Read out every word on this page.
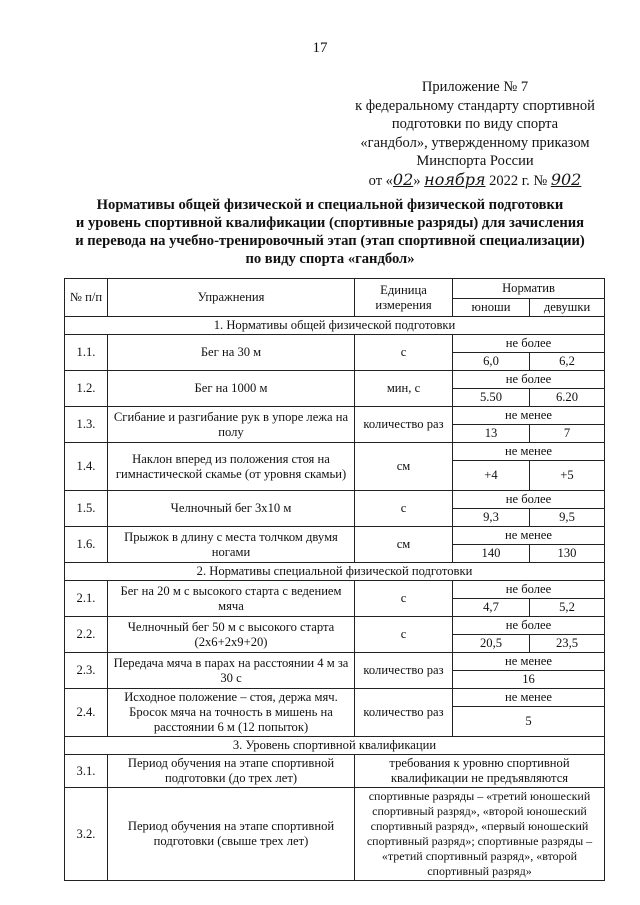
17
Приложение № 7
к федеральному стандарту спортивной
подготовки по виду спорта
«гандбол», утвержденному приказом
Минспорта России
от «02» ноября 2022 г. № 902
Нормативы общей физической и специальной физической подготовки
и уровень спортивной квалификации (спортивные разряды) для зачисления
и перевода на учебно-тренировочный этап (этап спортивной специализации)
по виду спорта «гандбол»
№ п/п	Упражнения	Единица измерения	Норматив	
			юноши	девушки
1. Нормативы общей физической подготовки				
1.1.	Бег на 30 м	с	не более	
			6,0	6,2
1.2.	Бег на 1000 м	мин, с	не более	
			5.50	6.20
1.3.	Сгибание и разгибание рук в упоре лежа на полу	количество раз	не менее	
			13	7
1.4.	Наклон вперед из положения стоя на гимнастической скамье (от уровня скамьи)	см	не менее	
			+4	+5
1.5.	Челночный бег 3х10 м	с	не более	
			9,3	9,5
1.6.	Прыжок в длину с места толчком двумя ногами	см	не менее	
			140	130
2. Нормативы специальной физической подготовки				
2.1.	Бег на 20 м с высокого старта с ведением мяча	с	не более	
			4,7	5,2
2.2.	Челночный бег 50 м с высокого старта (2х6+2х9+20)	с	не более	
			20,5	23,5
2.3.	Передача мяча в парах на расстоянии 4 м за 30 с	количество раз	не менее	
			16	
2.4.	Исходное положение – стоя, держа мяч. Бросок мяча на точность в мишень на расстоянии 6 м (12 попыток)	количество раз	не менее	
			5	
3. Уровень спортивной квалификации				
3.1.	Период обучения на этапе спортивной подготовки (до трех лет)	требования к уровню спортивной квалификации не предъявляются		
3.2.	Период обучения на этапе спортивной подготовки (свыше трех лет)	спортивные разряды – «третий юношеский спортивный разряд», «второй юношеский спортивный разряд», «первый юношеский спортивный разряд»; спортивные разряды – «третий спортивный разряд», «второй спортивный разряд»		
